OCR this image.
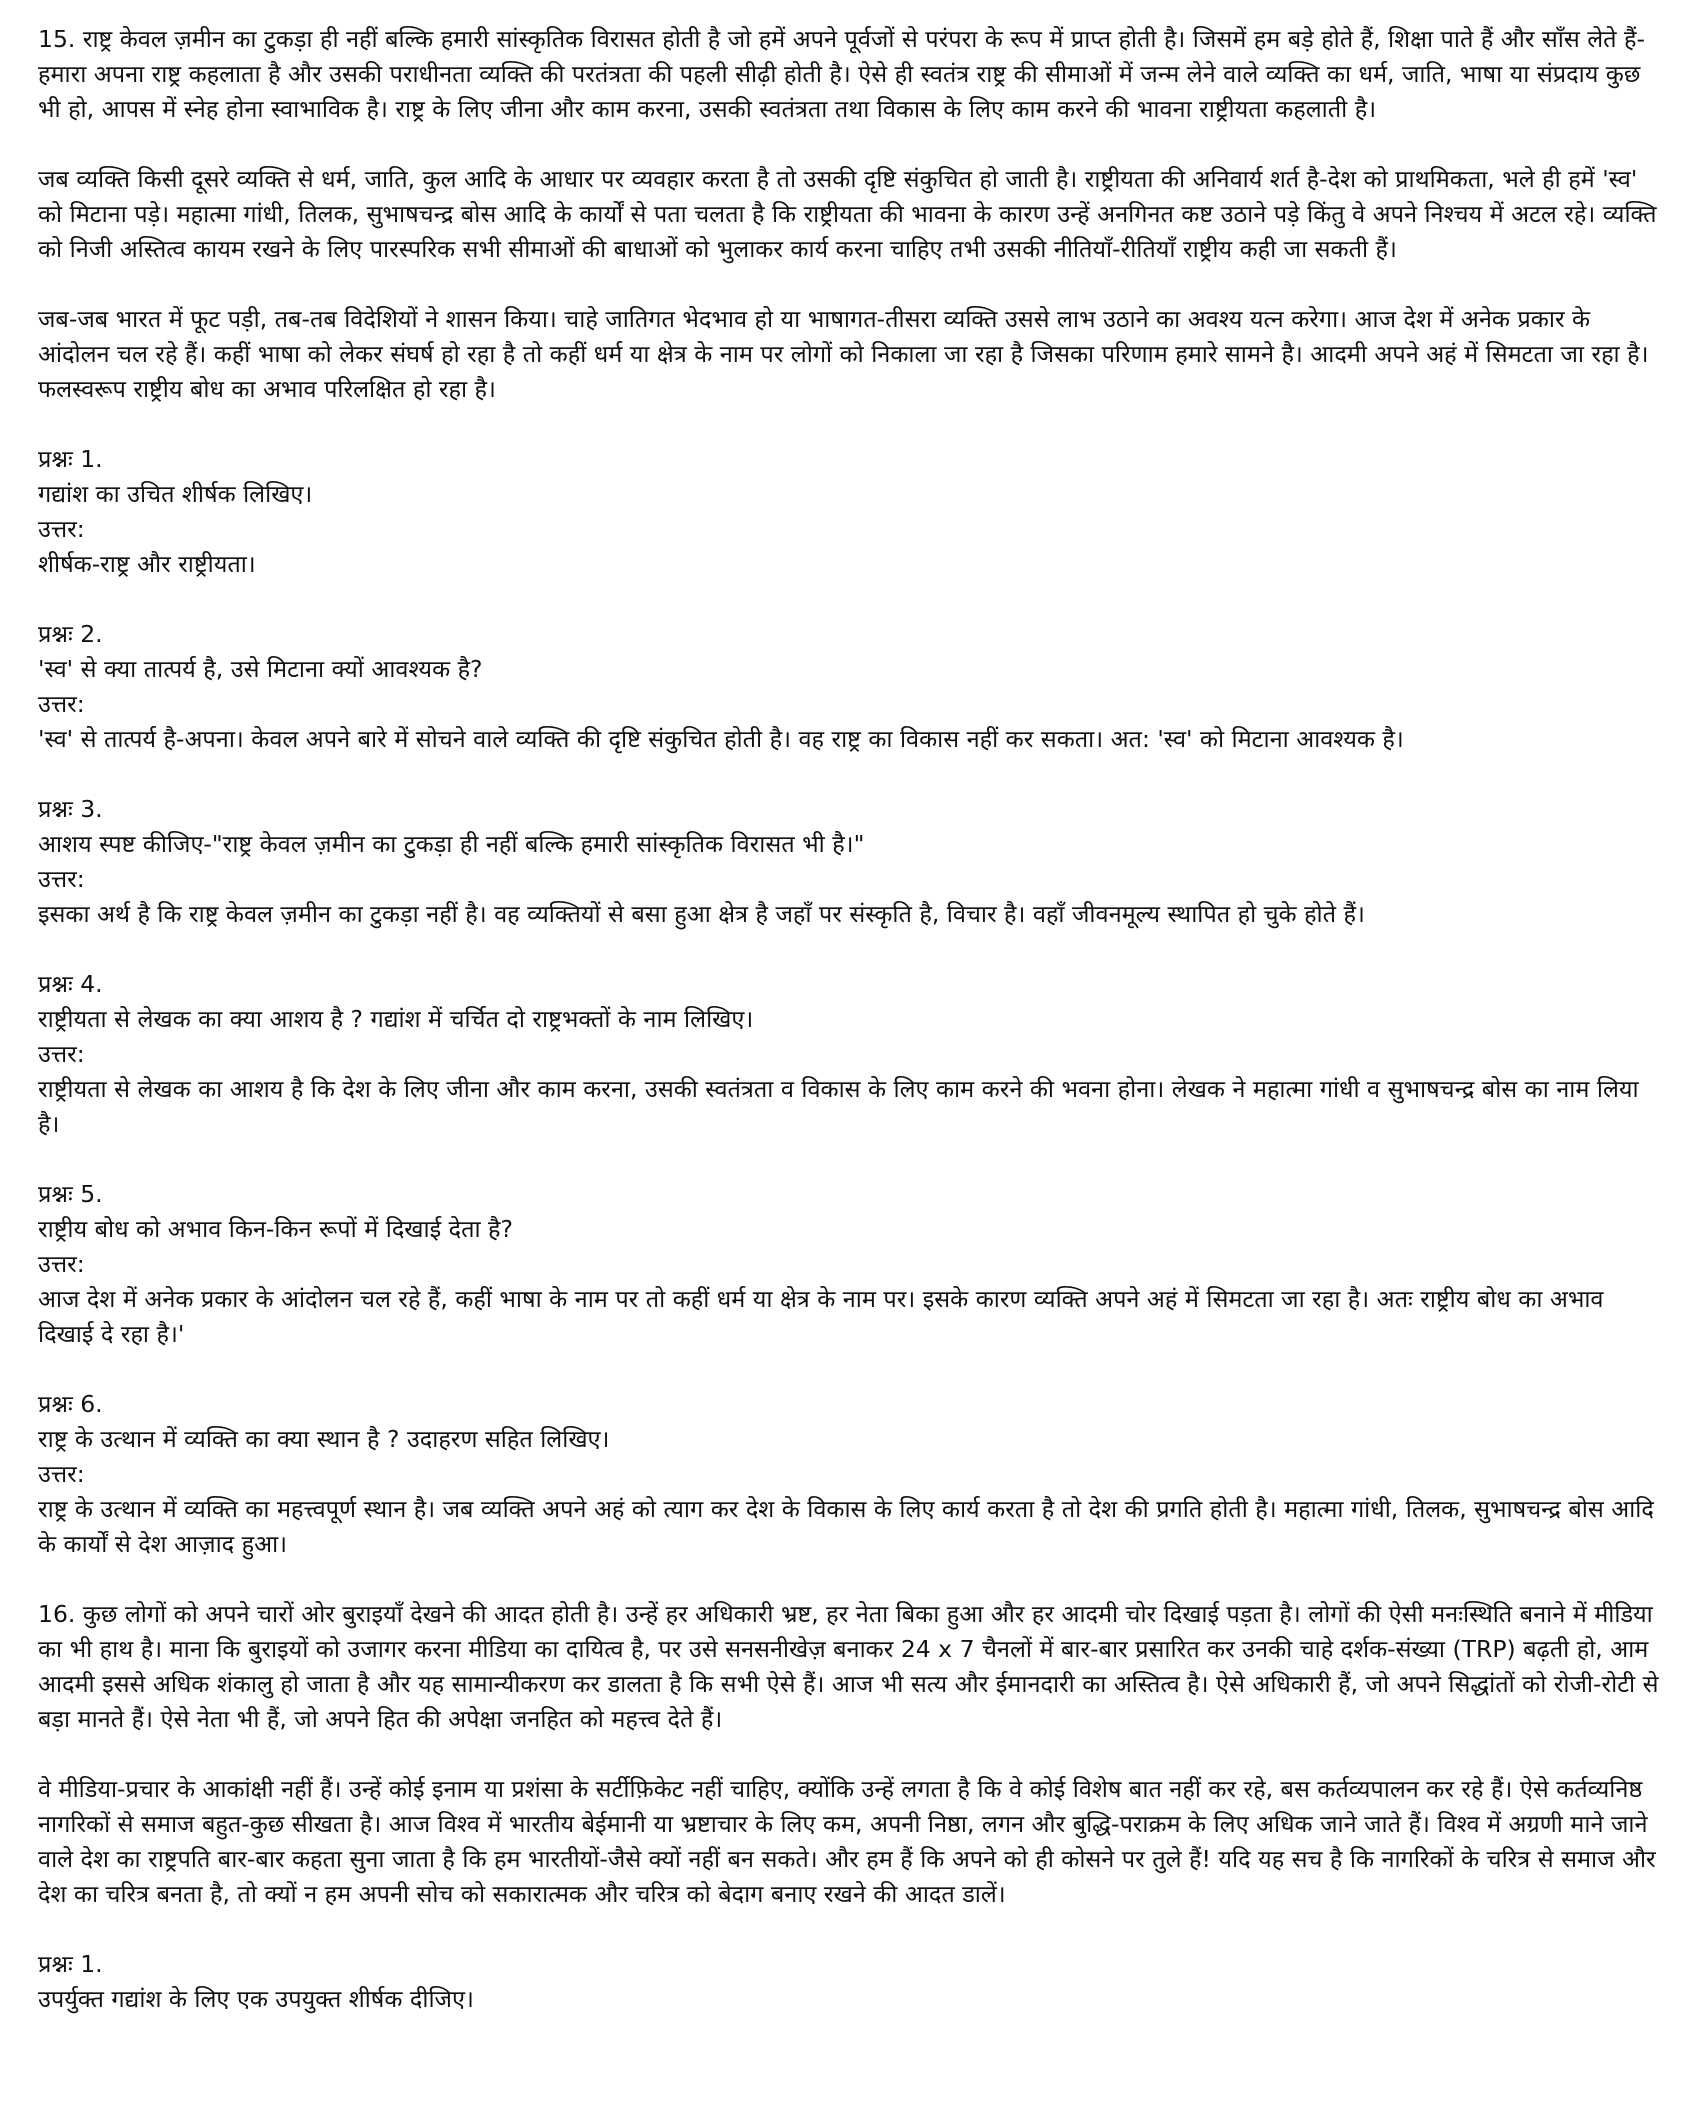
15. राष्ट्र केवल ज़मीन का टुकड़ा ही नहीं बल्कि हमारी सांस्कृतिक विरासत होती है जो हमें अपने पूर्वजों से परंपरा के रूप में प्राप्त होती है। जिसमें हम बड़े होते हैं, शिक्षा पाते हैं और साँस लेते हैं-हमारा अपना राष्ट्र कहलाता है और उसकी पराधीनता व्यक्ति की परतंत्रता की पहली सीढ़ी होती है। ऐसे ही स्वतंत्र राष्ट्र की सीमाओं में जन्म लेने वाले व्यक्ति का धर्म, जाति, भाषा या संप्रदाय कुछ भी हो, आपस में स्नेह होना स्वाभाविक है। राष्ट्र के लिए जीना और काम करना, उसकी स्वतंत्रता तथा विकास के लिए काम करने की भावना राष्ट्रीयता कहलाती है।

जब व्यक्ति किसी दूसरे व्यक्ति से धर्म, जाति, कुल आदि के आधार पर व्यवहार करता है तो उसकी दृष्टि संकुचित हो जाती है। राष्ट्रीयता की अनिवार्य शर्त है-देश को प्राथमिकता, भले ही हमें 'स्व' को मिटाना पड़े। महात्मा गांधी, तिलक, सुभाषचन्द्र बोस आदि के कार्यों से पता चलता है कि राष्ट्रीयता की भावना के कारण उन्हें अनगिनत कष्ट उठाने पड़े किंतु वे अपने निश्चय में अटल रहे। व्यक्ति को निजी अस्तित्व कायम रखने के लिए पारस्परिक सभी सीमाओं की बाधाओं को भुलाकर कार्य करना चाहिए तभी उसकी नीतियाँ-रीतियाँ राष्ट्रीय कही जा सकती हैं।

जब-जब भारत में फूट पड़ी, तब-तब विदेशियों ने शासन किया। चाहे जातिगत भेदभाव हो या भाषागत-तीसरा व्यक्ति उससे लाभ उठाने का अवश्य यत्न करेगा। आज देश में अनेक प्रकार के आंदोलन चल रहे हैं। कहीं भाषा को लेकर संघर्ष हो रहा है तो कहीं धर्म या क्षेत्र के नाम पर लोगों को निकाला जा रहा है जिसका परिणाम हमारे सामने है। आदमी अपने अहं में सिमटता जा रहा है। फलस्वरूप राष्ट्रीय बोध का अभाव परिलक्षित हो रहा है।

प्रश्नः 1.
गद्यांश का उचित शीर्षक लिखिए।
उत्तर:
शीर्षक-राष्ट्र और राष्ट्रीयता।
प्रश्नः 2.
'स्व' से क्या तात्पर्य है, उसे मिटाना क्यों आवश्यक है?
उत्तर:
'स्व' से तात्पर्य है-अपना। केवल अपने बारे में सोचने वाले व्यक्ति की दृष्टि संकुचित होती है। वह राष्ट्र का विकास नहीं कर सकता। अत: 'स्व' को मिटाना आवश्यक है।
प्रश्नः 3.
आशय स्पष्ट कीजिए-"राष्ट्र केवल ज़मीन का टुकड़ा ही नहीं बल्कि हमारी सांस्कृतिक विरासत भी है।"
उत्तर:
इसका अर्थ है कि राष्ट्र केवल ज़मीन का टुकड़ा नहीं है। वह व्यक्तियों से बसा हुआ क्षेत्र है जहाँ पर संस्कृति है, विचार है। वहाँ जीवनमूल्य स्थापित हो चुके होते हैं।
प्रश्नः 4.
राष्ट्रीयता से लेखक का क्या आशय है ? गद्यांश में चर्चित दो राष्ट्रभक्तों के नाम लिखिए।
उत्तर:
राष्ट्रीयता से लेखक का आशय है कि देश के लिए जीना और काम करना, उसकी स्वतंत्रता व विकास के लिए काम करने की भवना होना। लेखक ने महात्मा गांधी व सुभाषचन्द्र बोस का नाम लिया है।
प्रश्नः 5.
राष्ट्रीय बोध को अभाव किन-किन रूपों में दिखाई देता है?
उत्तर:
आज देश में अनेक प्रकार के आंदोलन चल रहे हैं, कहीं भाषा के नाम पर तो कहीं धर्म या क्षेत्र के नाम पर। इसके कारण व्यक्ति अपने अहं में सिमटता जा रहा है। अतः राष्ट्रीय बोध का अभाव दिखाई दे रहा है।'
प्रश्नः 6.
राष्ट्र के उत्थान में व्यक्ति का क्या स्थान है ? उदाहरण सहित लिखिए।
उत्तर:
राष्ट्र के उत्थान में व्यक्ति का महत्त्वपूर्ण स्थान है। जब व्यक्ति अपने अहं को त्याग कर देश के विकास के लिए कार्य करता है तो देश की प्रगति होती है। महात्मा गांधी, तिलक, सुभाषचन्द्र बोस आदि के कार्यों से देश आज़ाद हुआ।

16. कुछ लोगों को अपने चारों ओर बुराइयाँ देखने की आदत होती है। उन्हें हर अधिकारी भ्रष्ट, हर नेता बिका हुआ और हर आदमी चोर दिखाई पड़ता है। लोगों की ऐसी मनःस्थिति बनाने में मीडिया का भी हाथ है। माना कि बुराइयों को उजागर करना मीडिया का दायित्व है, पर उसे सनसनीखेज़ बनाकर 24 x 7 चैनलों में बार-बार प्रसारित कर उनकी चाहे दर्शक-संख्या (TRP) बढ़ती हो, आम आदमी इससे अधिक शंकालु हो जाता है और यह सामान्यीकरण कर डालता है कि सभी ऐसे हैं। आज भी सत्य और ईमानदारी का अस्तित्व है। ऐसे अधिकारी हैं, जो अपने सिद्धांतों को रोजी-रोटी से बड़ा मानते हैं। ऐसे नेता भी हैं, जो अपने हित की अपेक्षा जनहित को महत्त्व देते हैं।

वे मीडिया-प्रचार के आकांक्षी नहीं हैं। उन्हें कोई इनाम या प्रशंसा के सर्टीफ़िकेट नहीं चाहिए, क्योंकि उन्हें लगता है कि वे कोई विशेष बात नहीं कर रहे, बस कर्तव्यपालन कर रहे हैं। ऐसे कर्तव्यनिष्ठ नागरिकों से समाज बहुत-कुछ सीखता है। आज विश्व में भारतीय बेईमानी या भ्रष्टाचार के लिए कम, अपनी निष्ठा, लगन और बुद्धि-पराक्रम के लिए अधिक जाने जाते हैं। विश्व में अग्रणी माने जाने वाले देश का राष्ट्रपति बार-बार कहता सुना जाता है कि हम भारतीयों-जैसे क्यों नहीं बन सकते। और हम हैं कि अपने को ही कोसने पर तुले हैं! यदि यह सच है कि नागरिकों के चरित्र से समाज और देश का चरित्र बनता है, तो क्यों न हम अपनी सोच को सकारात्मक और चरित्र को बेदाग बनाए रखने की आदत डालें।

प्रश्नः 1.
उपर्युक्त गद्यांश के लिए एक उपयुक्त शीर्षक दीजिए।
